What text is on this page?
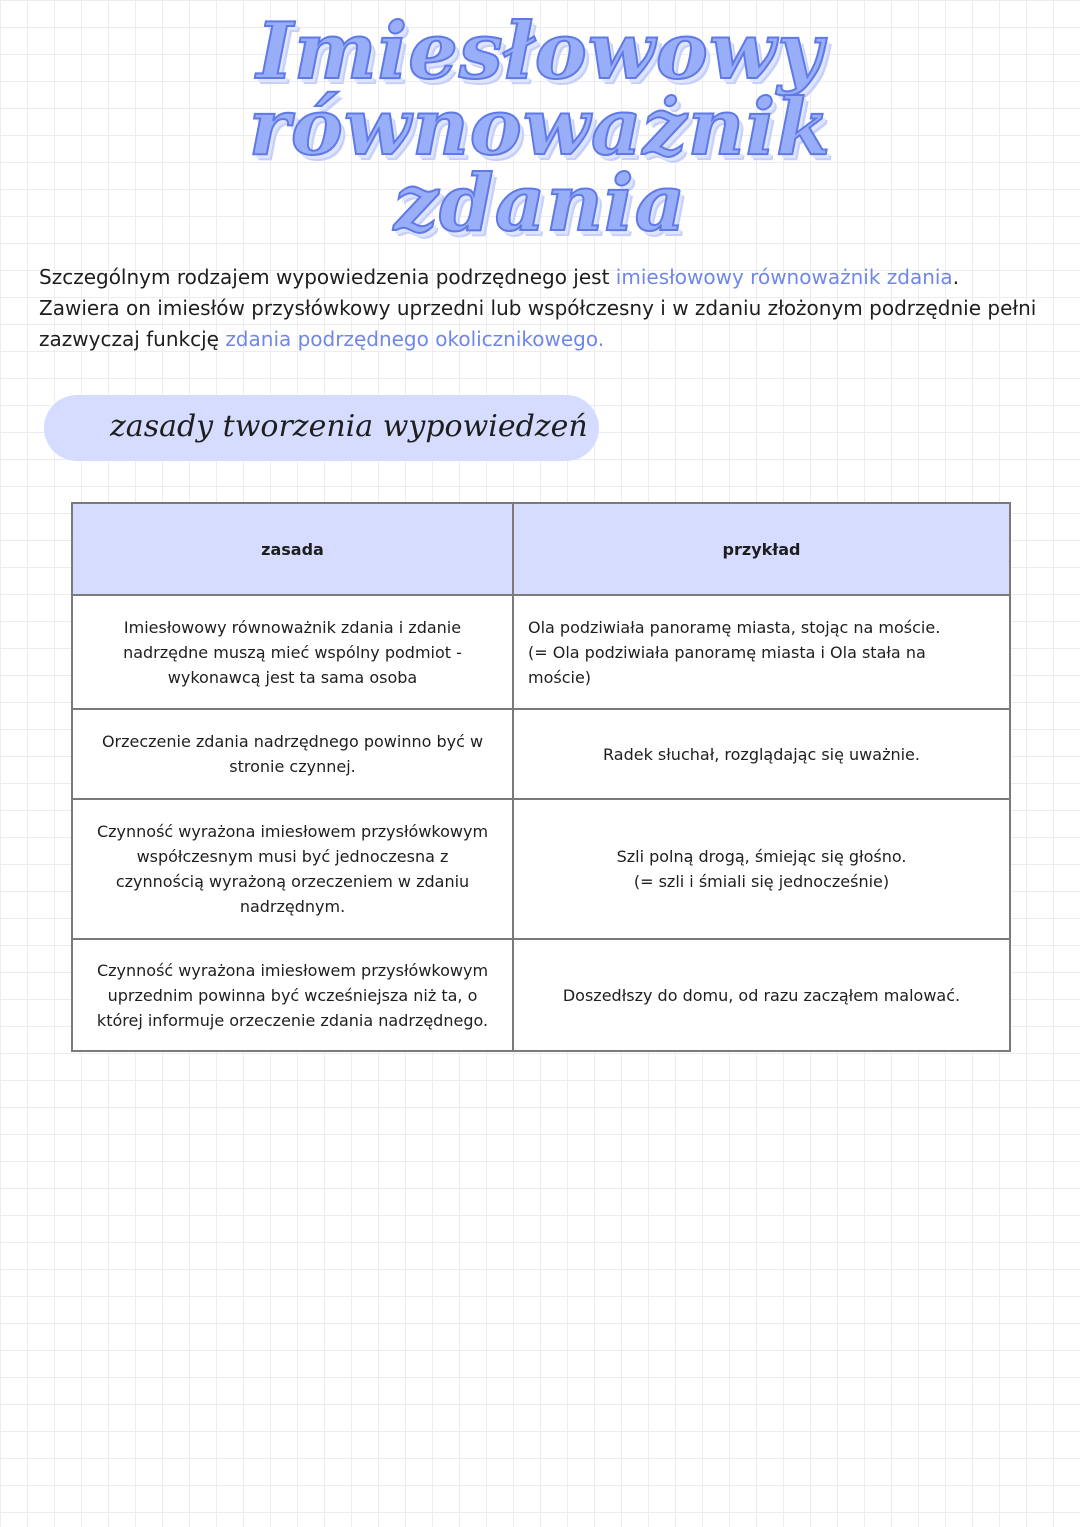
Imiesłowowy
równoważnik
zdania

Szczególnym rodzajem wypowiedzenia podrzędnego jest imiesłowowy równoważnik zdania. Zawiera on imiesłów przysłówkowy uprzedni lub współczesny i w zdaniu złożonym podrzędnie pełni zazwyczaj funkcję zdania podrzędnego okolicznikowego.

zasady tworzenia wypowiedzeń
zasada	przykład
Imiesłowowy równoważnik zdania i zdanie nadrzędne muszą mieć wspólny podmiot - wykonawcą jest ta sama osoba	Ola podziwiała panoramę miasta, stojąc na moście.
(= Ola podziwiała panoramę miasta i Ola stała na moście)

Orzeczenie zdania nadrzędnego powinno być w stronie czynnej.	Radek słuchał, rozglądając się uważnie.

Czynność wyrażona imiesłowem przysłówkowym współczesnym musi być jednoczesna z czynnością wyrażoną orzeczeniem w zdaniu nadrzędnym.	Szli polną drogą, śmiejąc się głośno.
(= szli i śmiali się jednocześnie)

Czynność wyrażona imiesłowem przysłówkowym uprzednim powinna być wcześniejsza niż ta, o której informuje orzeczenie zdania nadrzędnego.	Doszedłszy do domu, od razu zacząłem malować.
